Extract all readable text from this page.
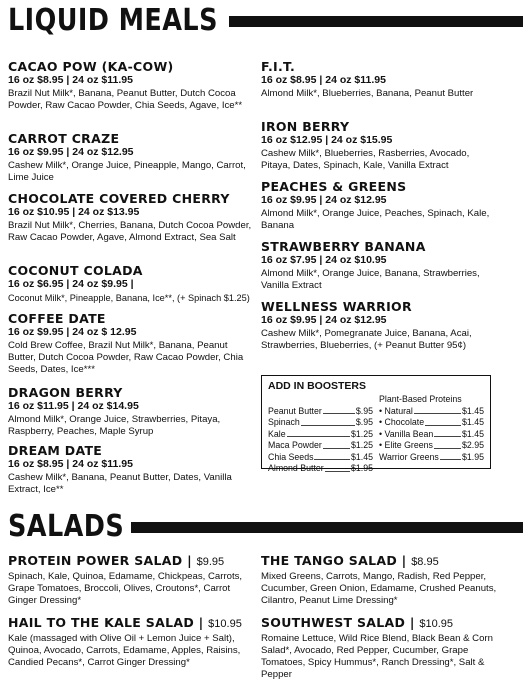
LIQUID MEALS
CACAO POW (KA-COW)
16 oz $8.95 | 24 oz $11.95
Brazil Nut Milk*, Banana, Peanut Butter, Dutch Cocoa Powder, Raw Cacao Powder, Chia Seeds, Agave, Ice**
CARROT CRAZE
16 oz $9.95 | 24 oz $12.95
Cashew Milk*, Orange Juice, Pineapple, Mango, Carrot, Lime Juice
CHOCOLATE COVERED CHERRY
16 oz $10.95 | 24 oz $13.95
Brazil Nut Milk*, Cherries, Banana, Dutch Cocoa Powder, Raw Cacao Powder, Agave, Almond Extract, Sea Salt
COCONUT COLADA
16 oz $6.95 | 24 oz $9.95 |
Coconut Milk*, Pineapple, Banana, Ice**, (+ Spinach $1.25)
COFFEE DATE
16 oz $9.95 | 24 oz $ 12.95
Cold Brew Coffee, Brazil Nut Milk*, Banana, Peanut Butter, Dutch Cocoa Powder, Raw Cacao Powder, Chia Seeds, Dates, Ice***
DRAGON BERRY
16 oz $11.95 | 24 oz $14.95
Almond Milk*, Orange Juice, Strawberries, Pitaya, Raspberry, Peaches, Maple Syrup
DREAM DATE
16 oz $8.95 | 24 oz $11.95
Cashew Milk*, Banana, Peanut Butter, Dates, Vanilla Extract, Ice**
F.I.T.
16 oz $8.95 | 24 oz $11.95
Almond Milk*, Blueberries, Banana, Peanut Butter
IRON BERRY
16 oz $12.95 | 24 oz $15.95
Cashew Milk*, Blueberries, Rasberries, Avocado, Pitaya, Dates, Spinach, Kale, Vanilla Extract
PEACHES & GREENS
16 oz $9.95 | 24 oz $12.95
Almond Milk*, Orange Juice, Peaches, Spinach, Kale, Banana
STRAWBERRY BANANA
16 oz $7.95 | 24 oz $10.95
Almond Milk*, Orange Juice, Banana, Strawberries, Vanilla Extract
WELLNESS WARRIOR
16 oz $9.95 | 24 oz $12.95
Cashew Milk*, Pomegranate Juice, Banana, Acai, Strawberries, Blueberries, (+ Peanut Butter 95¢)
ADD IN BOOSTERS
Peanut Butter	$.95
Spinach	$.95
Kale	$1.25
Maca Powder	$1.25
Chia Seeds	$1.45
Almond Butter	$1.95
Plant-Based Proteins
• Natural	$1.45
• Chocolate	$1.45
• Vanilla Bean	$1.45
• Elite Greens	$2.95
Warrior Greens	$1.95
SALADS
PROTEIN POWER SALAD | $9.95
Spinach, Kale, Quinoa, Edamame, Chickpeas, Carrots, Grape Tomatoes, Broccoli, Olives, Croutons*, Carrot Ginger Dressing*
HAIL TO THE KALE SALAD | $10.95
Kale (massaged with Olive Oil + Lemon Juice + Salt), Quinoa, Avocado, Carrots, Edamame, Apples, Raisins, Candied Pecans*, Carrot Ginger Dressing*
THE TANGO SALAD | $8.95
Mixed Greens, Carrots, Mango, Radish, Red Pepper, Cucumber, Green Onion, Edamame, Crushed Peanuts, Cilantro, Peanut Lime Dressing*
SOUTHWEST SALAD | $10.95
Romaine Lettuce, Wild Rice Blend, Black Bean & Corn Salad*, Avocado, Red Pepper, Cucumber, Grape Tomatoes, Spicy Hummus*, Ranch Dressing*, Salt & Pepper
